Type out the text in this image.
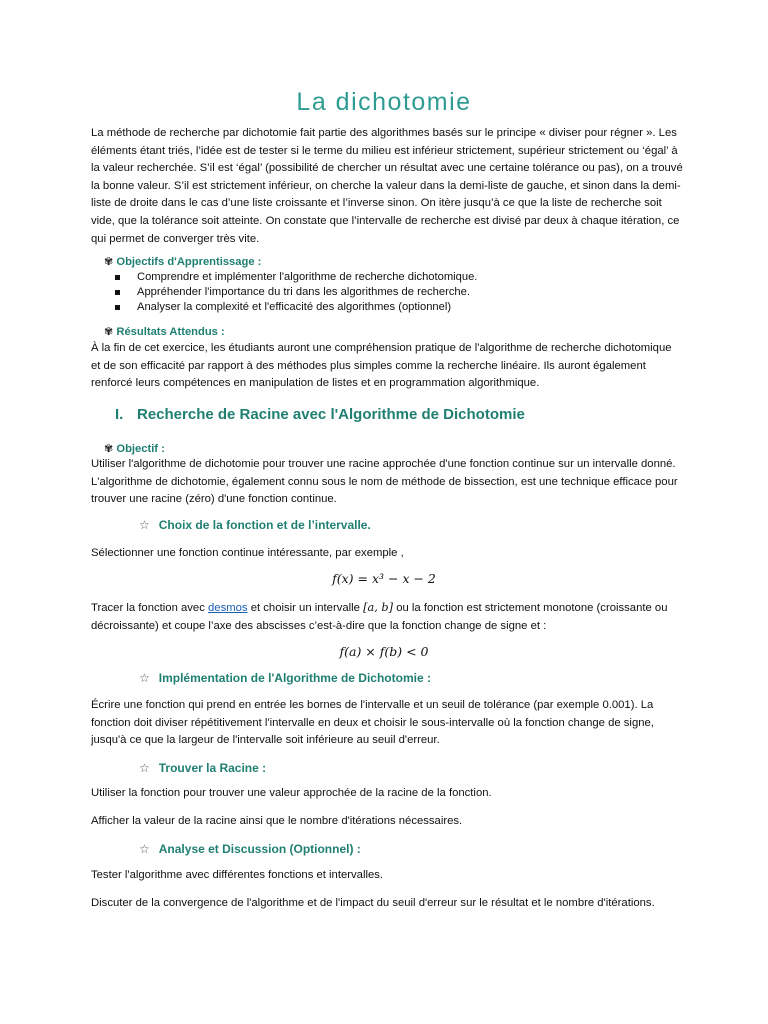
La dichotomie

La méthode de recherche par dichotomie fait partie des algorithmes basés sur le principe « diviser pour régner ». Les éléments étant triés, l’idée est de tester si le terme du milieu est inférieur strictement, supérieur strictement ou ‘égal’ à la valeur recherchée. S’il est ‘égal’ (possibilité de chercher un résultat avec une certaine tolérance ou pas), on a trouvé la bonne valeur. S’il est strictement inférieur, on cherche la valeur dans la demi-liste de gauche, et sinon dans la demi-liste de droite dans le cas d’une liste croissante et l’inverse sinon. On itère jusqu’à ce que la liste de recherche soit vide, que la tolérance soit atteinte. On constate que l’intervalle de recherche est divisé par deux à chaque itération, ce qui permet de converger très vite.

✾ Objectifs d'Apprentissage :

Comprendre et implémenter l'algorithme de recherche dichotomique.
Appréhender l'importance du tri dans les algorithmes de recherche.
Analyser la complexité et l'efficacité des algorithmes (optionnel)

✾ Résultats Attendus :

À la fin de cet exercice, les étudiants auront une compréhension pratique de l'algorithme de recherche dichotomique et de son efficacité par rapport à des méthodes plus simples comme la recherche linéaire. Ils auront également renforcé leurs compétences en manipulation de listes et en programmation algorithmique.

I. Recherche de Racine avec l'Algorithme de Dichotomie

✾ Objectif :

Utiliser l'algorithme de dichotomie pour trouver une racine approchée d'une fonction continue sur un intervalle donné. L'algorithme de dichotomie, également connu sous le nom de méthode de bissection, est une technique efficace pour trouver une racine (zéro) d'une fonction continue.

☆ Choix de la fonction et de l’intervalle.

Sélectionner une fonction continue intéressante, par exemple ,

f(x) = x³ − x − 2

Tracer la fonction avec desmos et choisir un intervalle [a, b] ou la fonction est strictement monotone (croissante ou décroissante) et coupe l’axe des abscisses c’est-à-dire que la fonction change de signe et :

f(a) × f(b) < 0

☆ Implémentation de l'Algorithme de Dichotomie :

Écrire une fonction qui prend en entrée les bornes de l'intervalle et un seuil de tolérance (par exemple 0.001). La fonction doit diviser répétitivement l'intervalle en deux et choisir le sous-intervalle où la fonction change de signe, jusqu'à ce que la largeur de l'intervalle soit inférieure au seuil d'erreur.

☆ Trouver la Racine :

Utiliser la fonction pour trouver une valeur approchée de la racine de la fonction.

Afficher la valeur de la racine ainsi que le nombre d'itérations nécessaires.

☆ Analyse et Discussion (Optionnel) :

Tester l'algorithme avec différentes fonctions et intervalles.

Discuter de la convergence de l'algorithme et de l'impact du seuil d'erreur sur le résultat et le nombre d'itérations.
